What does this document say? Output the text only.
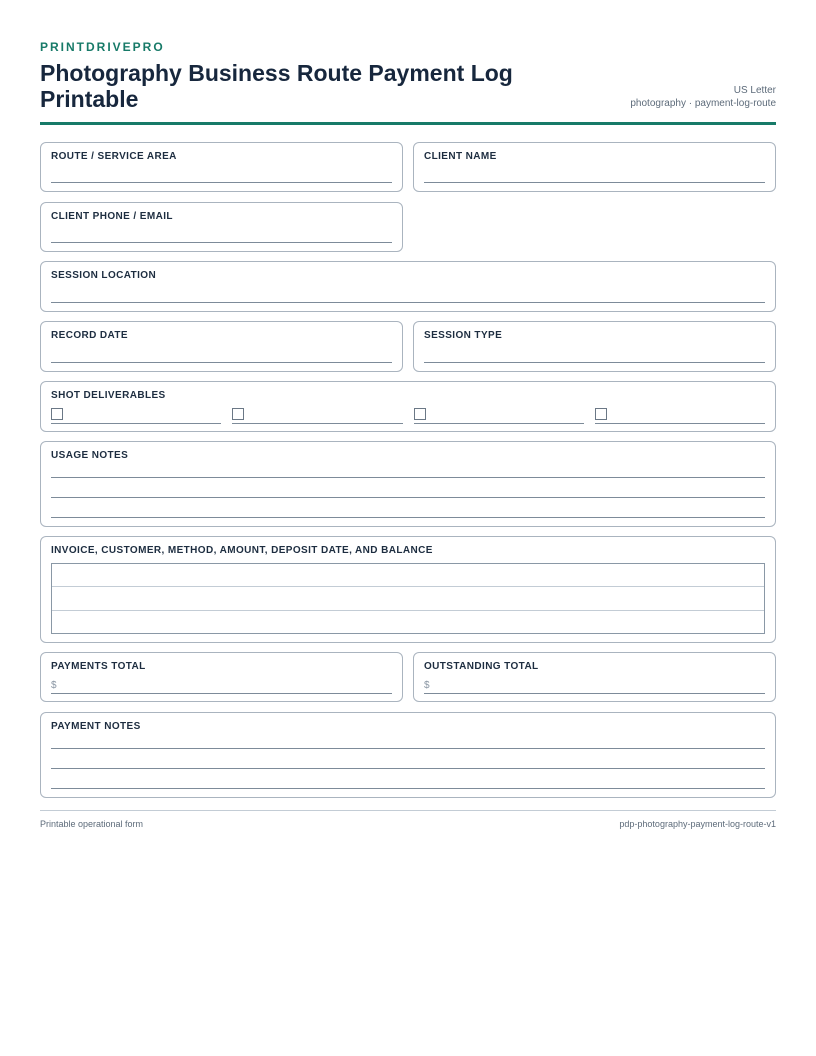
PRINTDRIVEPRO
Photography Business Route Payment Log Printable	US Letter
photography · payment-log-route
ROUTE / SERVICE AREA	CLIENT NAME
CLIENT PHONE / EMAIL
SESSION LOCATION
RECORD DATE	SESSION TYPE
SHOT DELIVERABLES
USAGE NOTES
INVOICE, CUSTOMER, METHOD, AMOUNT, DEPOSIT DATE, AND BALANCE
PAYMENTS TOTAL
$
OUTSTANDING TOTAL
$
PAYMENT NOTES
Printable operational form	pdp-photography-payment-log-route-v1
